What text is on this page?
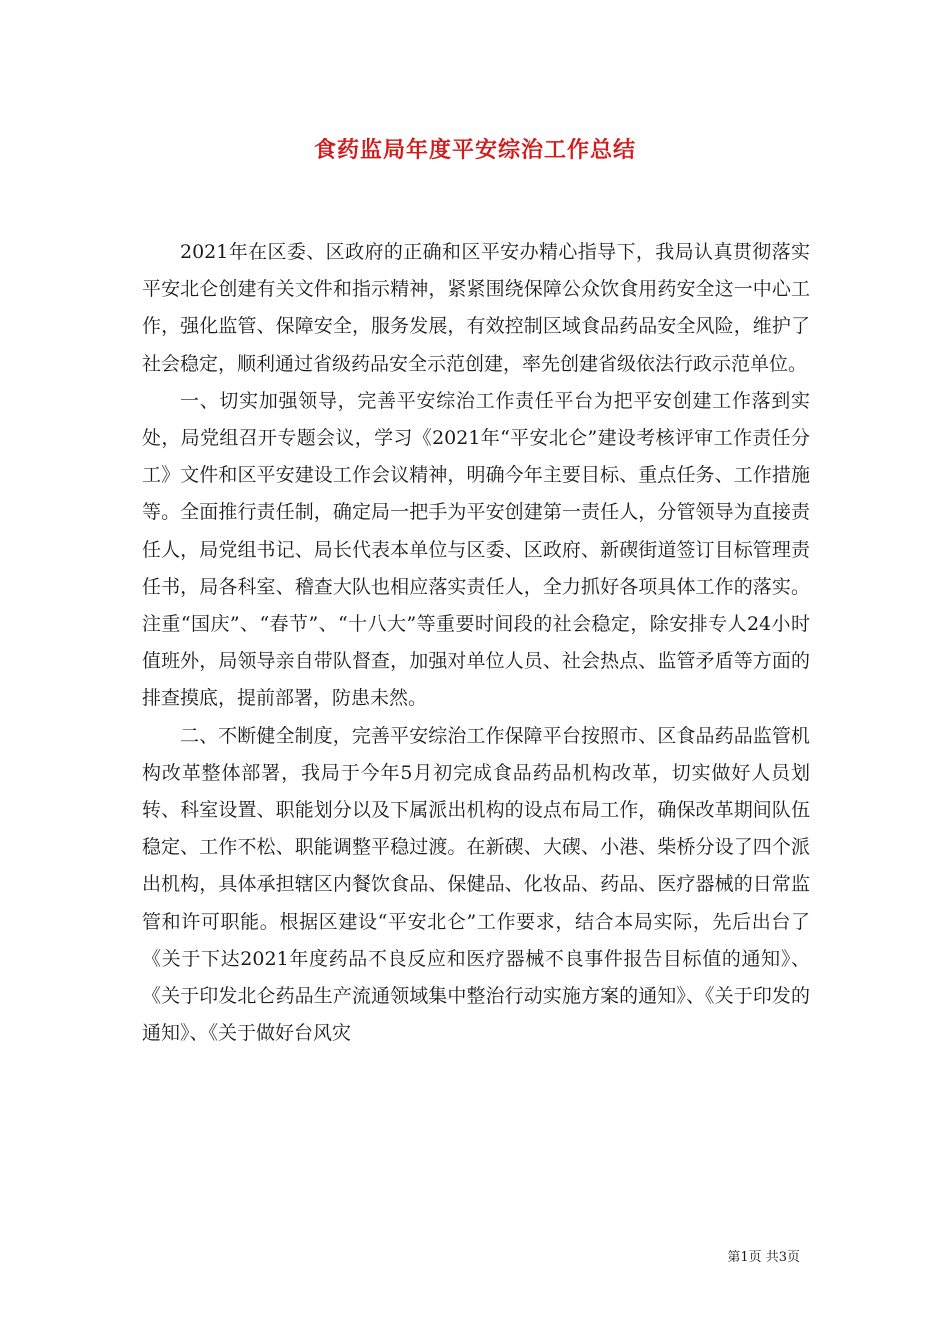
食药监局年度平安综治工作总结

2021年在区委、区政府的正确和区平安办精心指导下，我局认真贯彻落实平安北仑创建有关文件和指示精神，紧紧围绕保障公众饮食用药安全这一中心工作，强化监管、保障安全，服务发展，有效控制区域食品药品安全风险，维护了社会稳定，顺利通过省级药品安全示范创建，率先创建省级依法行政示范单位。

一、切实加强领导，完善平安综治工作责任平台为把平安创建工作落到实处，局党组召开专题会议，学习《2021年“平安北仑”建设考核评审工作责任分工》文件和区平安建设工作会议精神，明确今年主要目标、重点任务、工作措施等。全面推行责任制，确定局一把手为平安创建第一责任人，分管领导为直接责任人，局党组书记、局长代表本单位与区委、区政府、新碶街道签订目标管理责任书，局各科室、稽查大队也相应落实责任人，全力抓好各项具体工作的落实。注重“国庆”、“春节”、“十八大”等重要时间段的社会稳定，除安排专人24小时值班外，局领导亲自带队督查，加强对单位人员、社会热点、监管矛盾等方面的排查摸底，提前部署，防患未然。

二、不断健全制度，完善平安综治工作保障平台按照市、区食品药品监管机构改革整体部署，我局于今年5月初完成食品药品机构改革，切实做好人员划转、科室设置、职能划分以及下属派出机构的设点布局工作，确保改革期间队伍稳定、工作不松、职能调整平稳过渡。在新碶、大碶、小港、柴桥分设了四个派出机构，具体承担辖区内餐饮食品、保健品、化妆品、药品、医疗器械的日常监管和许可职能。根据区建设“平安北仑”工作要求，结合本局实际，先后出台了《关于下达2021年度药品不良反应和医疗器械不良事件报告目标值的通知》、《关于印发北仑药品生产流通领域集中整治行动实施方案的通知》、《关于印发的通知》、《关于做好台风灾

第1页 共3页
